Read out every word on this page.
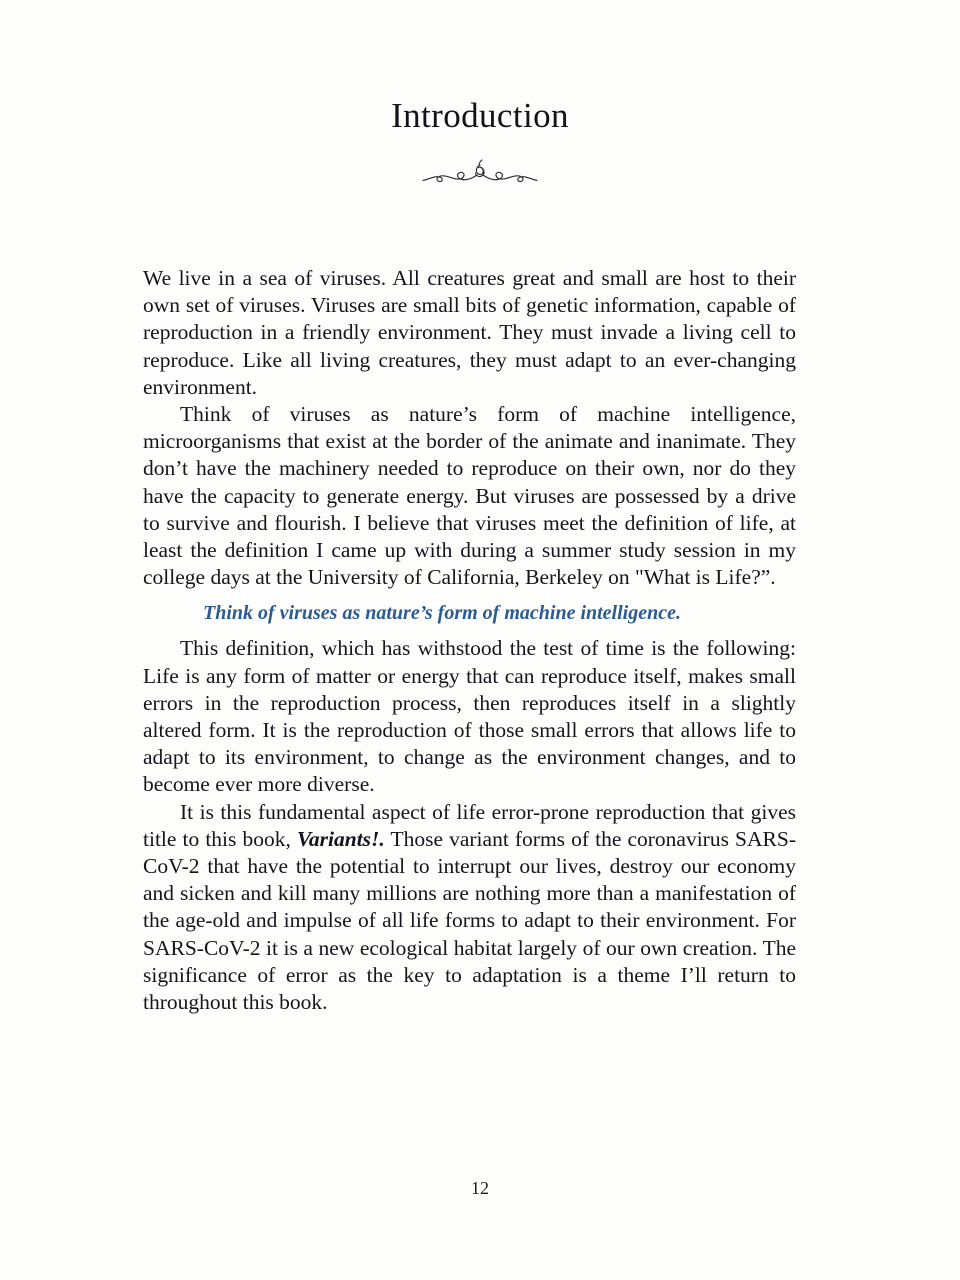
Introduction

We live in a sea of viruses. All creatures great and small are host to their own set of viruses. Viruses are small bits of genetic information, capable of reproduction in a friendly environment. They must invade a living cell to reproduce. Like all living creatures, they must adapt to an ever-changing environment.

Think of viruses as nature’s form of machine intelligence, microorganisms that exist at the border of the animate and inanimate. They don’t have the machinery needed to reproduce on their own, nor do they have the capacity to generate energy. But viruses are possessed by a drive to survive and flourish. I believe that viruses meet the definition of life, at least the definition I came up with during a summer study session in my college days at the University of California, Berkeley on "What is Life?”.

Think of viruses as nature’s form of machine intelligence.

This definition, which has withstood the test of time is the following: Life is any form of matter or energy that can reproduce itself, makes small errors in the reproduction process, then reproduces itself in a slightly altered form. It is the reproduction of those small errors that allows life to adapt to its environment, to change as the environment changes, and to become ever more diverse.

It is this fundamental aspect of life error-prone reproduction that gives title to this book, Variants!. Those variant forms of the coronavirus SARS-CoV-2 that have the potential to interrupt our lives, destroy our economy and sicken and kill many millions are nothing more than a manifestation of the age-old and impulse of all life forms to adapt to their environment. For SARS-CoV-2 it is a new ecological habitat largely of our own creation. The significance of error as the key to adaptation is a theme I’ll return to throughout this book.

12
